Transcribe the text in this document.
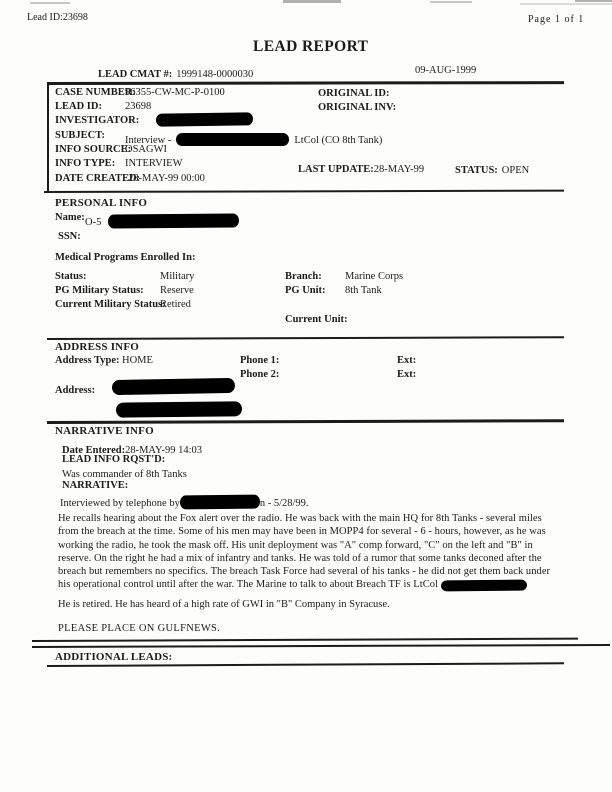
Lead ID:23698	Page 1 of 1
LEAD REPORT
LEAD CMAT #: 1999148-0000030	09-AUG-1999
CASE NUMBER:
96355-CW-MC-P-0100	ORIGINAL ID:
LEAD ID: 23698	ORIGINAL INV:
INVESTIGATOR:
SUBJECT: Interview -	LtCol (CO 8th Tank)
INFO SOURCE:
OSAGWI
INFO TYPE: INTERVIEW
LAST UPDATE:28-MAY-99	STATUS: OPEN
DATE CREATED:
28-MAY-99 00:00
PERSONAL INFO
Name: O-5
SSN:
Medical Programs Enrolled In:
Status:	Military	Branch: Marine Corps
PG Military Status: Reserve	PG Unit: 8th Tank
Current Military Status:
Retired
Current Unit:
ADDRESS INFO
Address Type: HOME	Phone 1:	Ext:
Phone 2:	Ext:
Address:
NARRATIVE INFO
Date Entered:28-MAY-99 14:03
LEAD INFO RQST'D:
Was commander of 8th Tanks
NARRATIVE:
Interviewed by telephone by	n - 5/28/99.
He recalls hearing about the Fox alert over the radio. He was back with the main HQ for 8th Tanks - several miles from the breach at the time. Some of his men may have been in MOPP4 for several - 6 - hours, however, as he was working the radio, he took the mask off. His unit deployment was "A" comp forward, "C" on the left and "B" in reserve. On the right he had a mix of infantry and tanks. He was told of a rumor that some tanks deconed after the breach but remembers no specifics. The breach Task Force had several of his tanks - he did not get them back under his operational control until after the war. The Marine to talk to about Breach TF is LtCol
He is retired. He has heard of a high rate of GWI in "B" Company in Syracuse.
PLEASE PLACE ON GULFNEWS.
ADDITIONAL LEADS:
